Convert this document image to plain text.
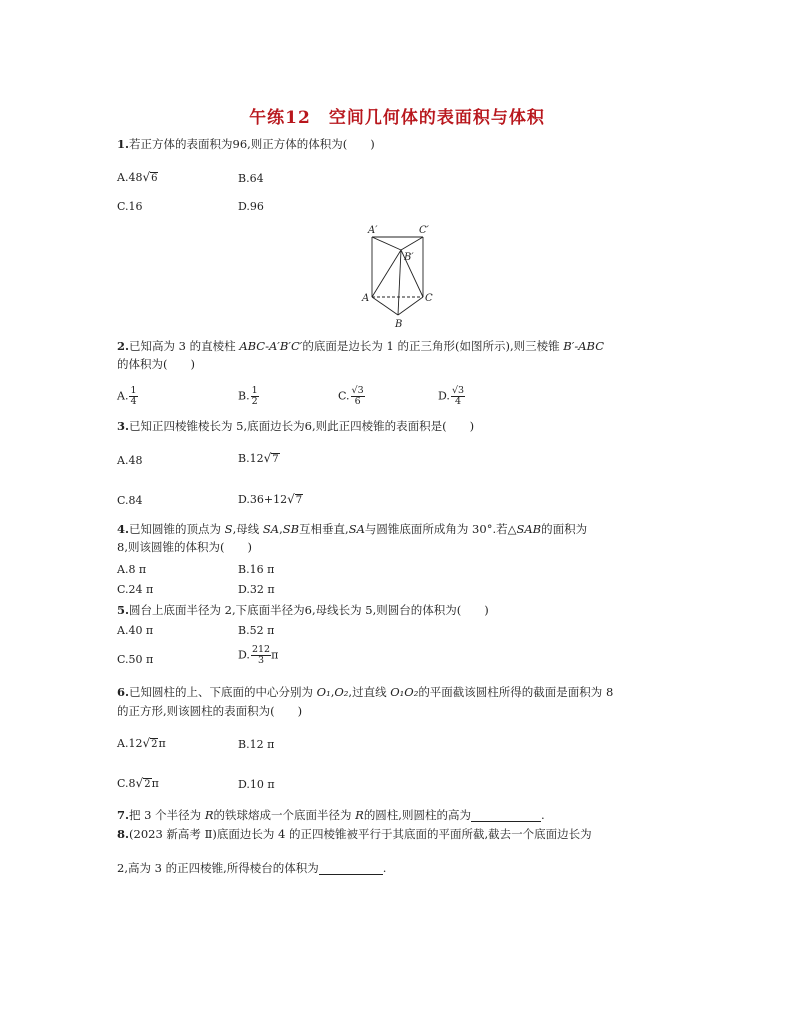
午练12　空间几何体的表面积与体积
1.若正方体的表面积为96,则正方体的体积为(　　)
A.48√6	B.64
C.16	D.96
A′	C′
B′
A	C
B
2.已知高为 3 的直棱柱 ABC-A′B′C′的底面是边长为 1 的正三角形(如图所示),则三棱锥 B′-ABC
的体积为(　　)
A. $\frac{1}{4}$	B. $\frac{1}{2}$	C. $\frac{√3}{6}$	D. $\frac{√3}{4}$
3.已知正四棱锥棱长为 5,底面边长为6,则此正四棱锥的表面积是(　　)
A.48	B.12√7
C.84	D.36+12√7
4.已知圆锥的顶点为 S,母线 SA,SB互相垂直,SA与圆锥底面所成角为 30°.若△SAB的面积为
8,则该圆锥的体积为(　　)
A.8 π	B.16 π
C.24 π	D.32 π
5.圆台上底面半径为 2,下底面半径为6,母线长为 5,则圆台的体积为(　　)
A.40 π	B.52 π
C.50 π	D. $\frac{212}{3}$ π
6.已知圆柱的上、下底面的中心分别为 O₁,O₂,过直线 O₁O₂的平面截该圆柱所得的截面是面积为 8
的正方形,则该圆柱的表面积为(　　)
A.12√2π	B.12 π
C.8√2π	D.10 π
7.把 3 个半径为 R的铁球熔成一个底面半径为 R的圆柱,则圆柱的高为	.
8.(2023 新高考 Ⅱ)底面边长为 4 的正四棱锥被平行于其底面的平面所截,截去一个底面边长为
2,高为 3 的正四棱锥,所得棱台的体积为	.
